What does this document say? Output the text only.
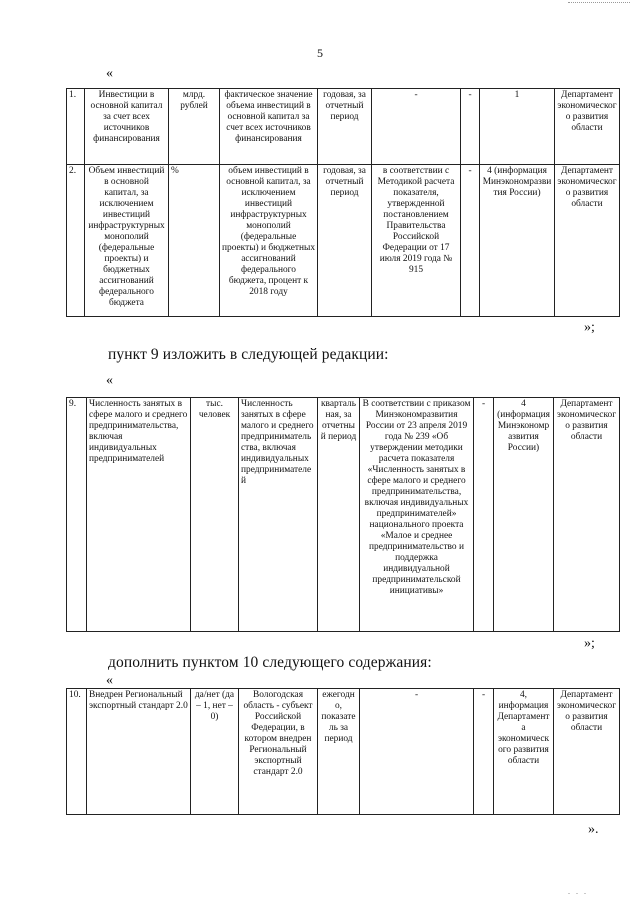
5
«
1.	Инвестиции в основной капитал за счет всех источников финансирования	млрд. рублей	фактическое значение объема инвестиций в основной капитал за счет всех источников финансирования	годовая, за отчетный период	-	-	1	Департамент экономического развития области
2.	Объем инвестиций в основной капитал, за исключением инвестиций инфраструктурных монополий (федеральные проекты) и бюджетных ассигнований федерального бюджета	%	объем инвестиций в основной капитал, за исключением инвестиций инфраструктурных монополий (федеральные проекты) и бюджетных ассигнований федерального бюджета, процент к 2018 году	годовая, за отчетный период	в соответствии с Методикой расчета показателя, утвержденной постановлением Правительства Российской Федерации от 17 июля 2019 года № 915	-	4 (информация Минэкономразвития России)	Департамент экономического развития области
»;
пункт 9 изложить в следующей редакции:
«
9.	Численность занятых в сфере малого и среднего предпринимательства, включая индивидуальных предпринимателей	тыс. человек	Численность занятых в сфере малого и среднего предпринимательства, включая индивидуальных предпринимателей	квартальная, за отчетный период	В соответствии с приказом Минэкономразвития России от 23 апреля 2019 года № 239 «Об утверждении методики расчета показателя «Численность занятых в сфере малого и среднего предпринимательства, включая индивидуальных предпринимателей» национального проекта «Малое и среднее предпринимательство и поддержка индивидуальной предпринимательской инициативы»	-	4 (информация Минэкономразвития России)	Департамент экономического развития области
»;
дополнить пунктом 10 следующего содержания:
«
10.	Внедрен Региональный экспортный стандарт 2.0	да/нет (да – 1, нет – 0)	Вологодская область - субъект Российской Федерации, в котором внедрен Региональный экспортный стандарт 2.0	ежегодно, показатель за период	-	-	4, информация Департамента экономического развития области	Департамент экономического развития области
».
. . .
